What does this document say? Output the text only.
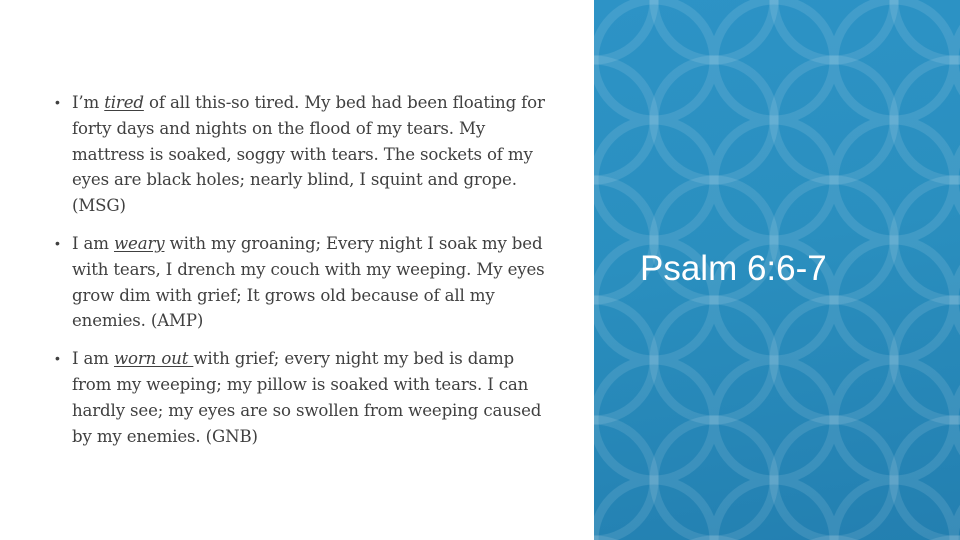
• I’m tired of all this-so tired. My bed had been floating for forty days and nights on the flood of my tears. My mattress is soaked, soggy with tears. The sockets of my eyes are black holes; nearly blind, I squint and grope. (MSG)
• I am weary with my groaning; Every night I soak my bed with tears, I drench my couch with my weeping. My eyes grow dim with grief; It grows old because of all my enemies. (AMP)
• I am worn out with grief; every night my bed is damp from my weeping; my pillow is soaked with tears. I can hardly see; my eyes are so swollen from weeping caused by my enemies. (GNB)
Psalm 6:6-7
